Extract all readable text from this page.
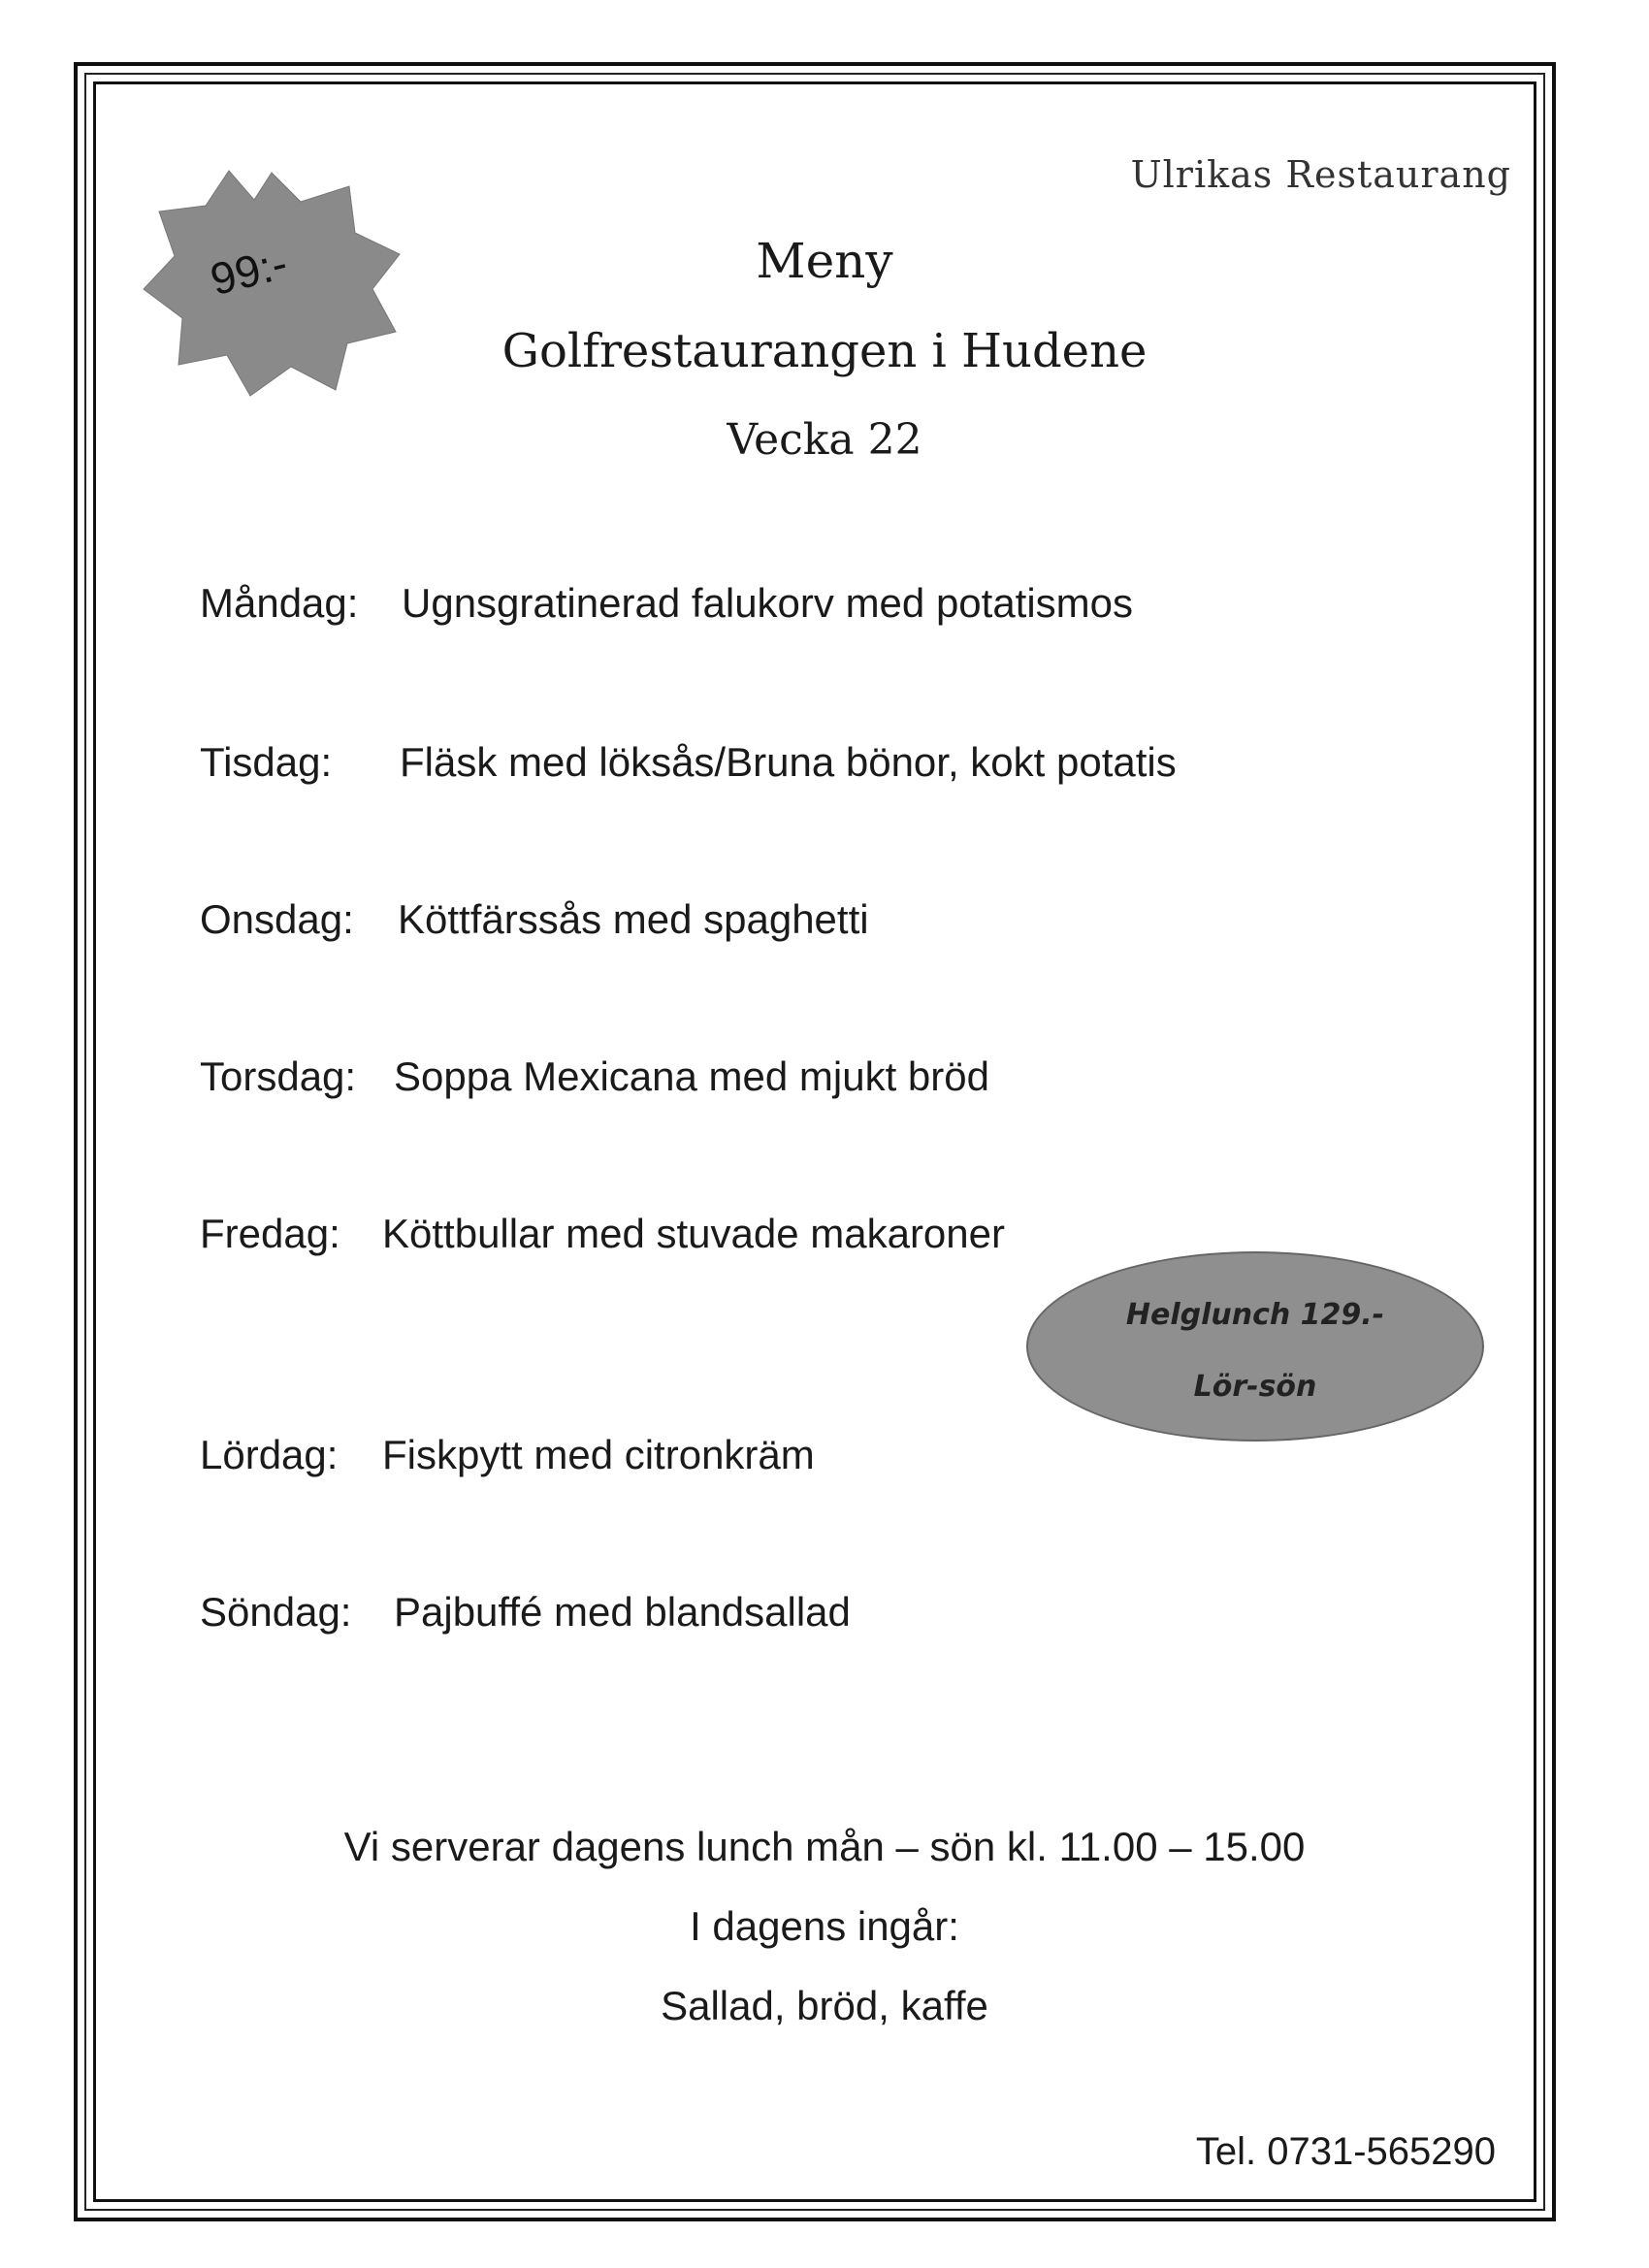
Ulrikas Restaurang
99:-	Meny
Golfrestaurangen i Hudene
Vecka 22
Måndag: Ugnsgratinerad falukorv med potatismos
Tisdag: Fläsk med löksås/Bruna bönor, kokt potatis
Onsdag: Köttfärssås med spaghetti
Torsdag: Soppa Mexicana med mjukt bröd
Fredag: Köttbullar med stuvade makaroner
Lördag: Fiskpytt med citronkräm
Söndag: Pajbuffé med blandsallad
Helglunch 129.-
Lör-sön
Vi serverar dagens lunch mån – sön kl. 11.00 – 15.00
I dagens ingår:
Sallad, bröd, kaffe
Tel. 0731-565290
